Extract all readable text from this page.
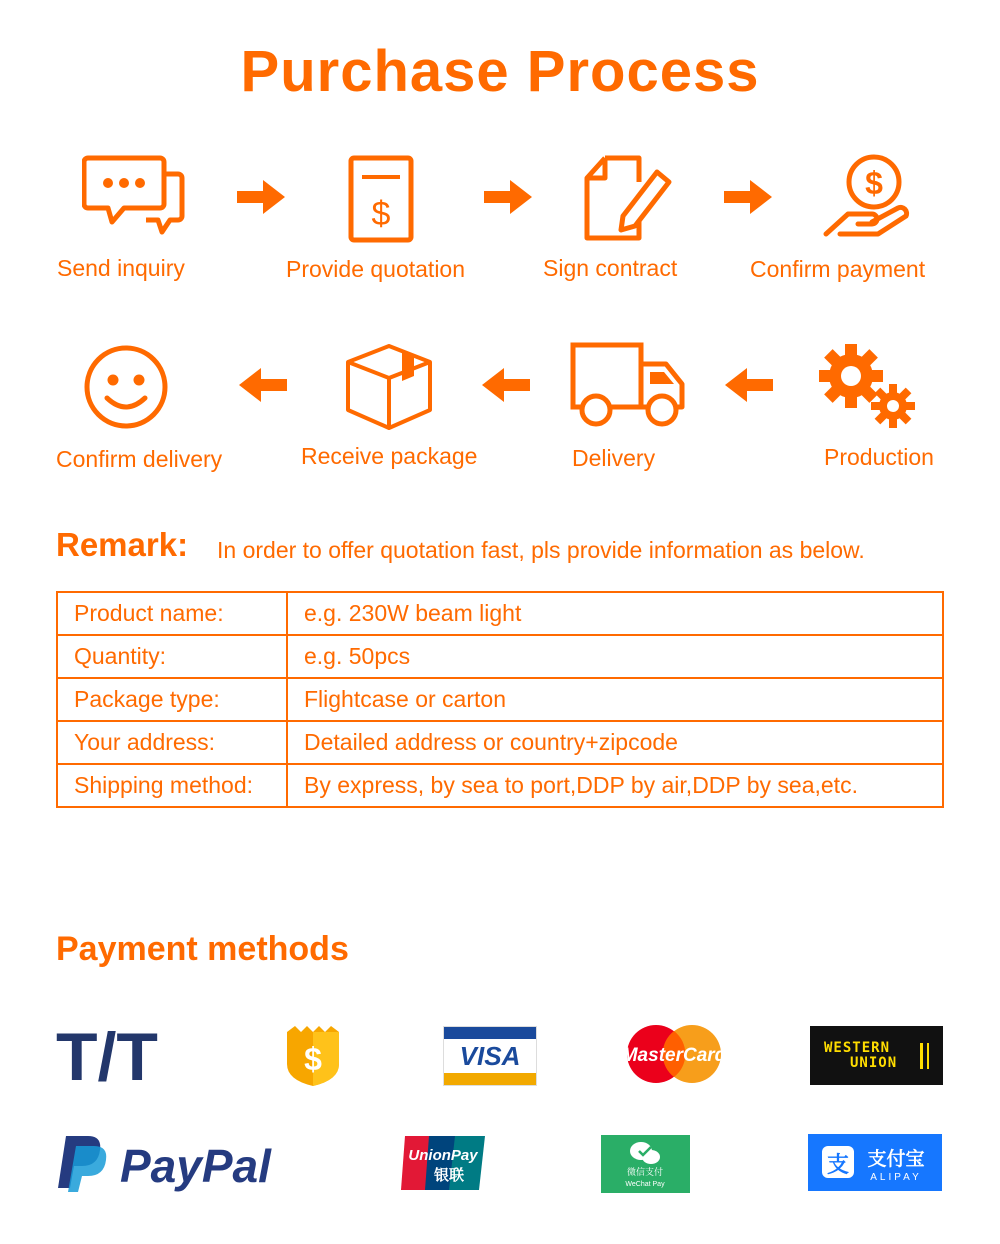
Purchase Process
$
$
Send inquiry	Provide quotation	Sign contract	Confirm payment
Confirm delivery	Receive package	Delivery	Production
Remark: In order to offer quotation fast, pls provide information as below.
Product name:	e.g. 230W beam light
Quantity:	e.g. 50pcs
Package type:	Flightcase or carton
Your address:	Detailed address or country+zipcode
Shipping method:	By express, by sea to port,DDP by air,DDP by sea,etc.
Payment methods
T/T	$	VISA	MasterCard	WESTERN
UNION
PayPal	UnionPay
银联	微信支付
WeChat Pay
支 支付宝
ALIPAY
